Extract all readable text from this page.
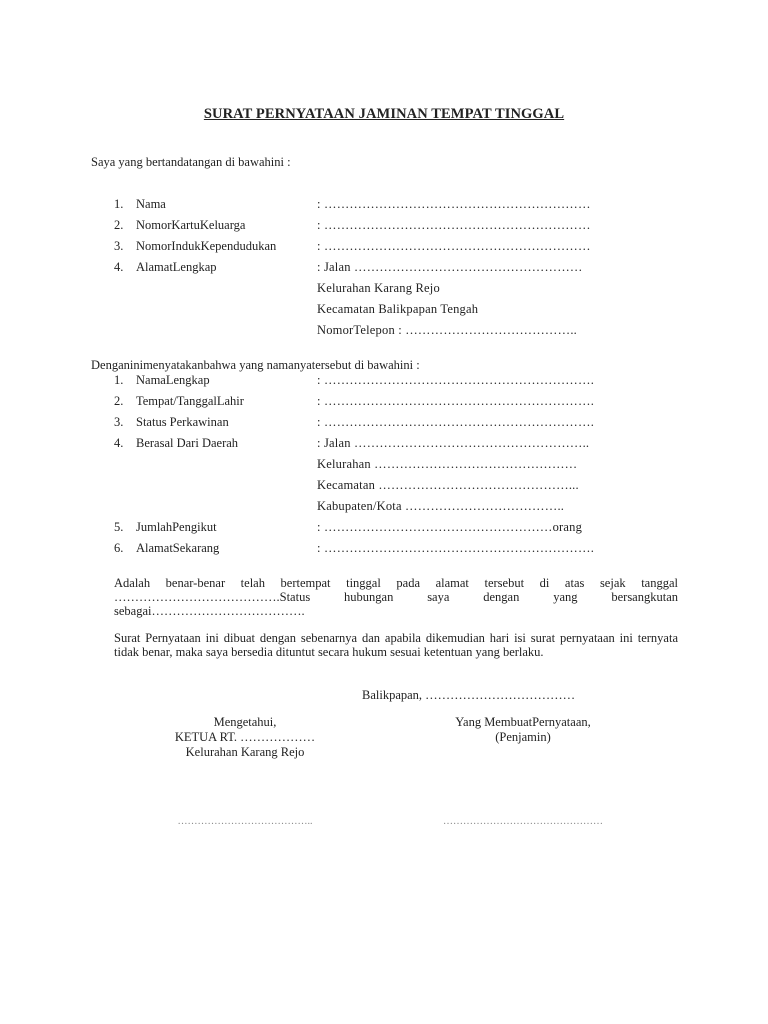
SURAT PERNYATAAN JAMINAN TEMPAT TINGGAL
Saya yang bertandatangan di bawahini :
1. Nama	: ………………………………………………………
2. NomorKartuKeluarga	: ………………………………………………………
3. NomorIndukKependudukan	: ………………………………………………………
4. AlamatLengkap	: Jalan ………………………………………………
Kelurahan Karang Rejo
Kecamatan Balikpapan Tengah
NomorTelepon : …………………………………..
Denganinimenyatakanbahwa yang namanyatersebut di bawahini :
1. NamaLengkap	: ……………………………………………………….
2. Tempat/TanggalLahir	: ……………………………………………………….
3. Status Perkawinan	: ……………………………………………………….
4. Berasal Dari Daerah	: Jalan ………………………………………………..
Kelurahan …………………………………………
Kecamatan ………………………………………...
Kabupaten/Kota ………………………………..
5. JumlahPengikut	: ………………………………………………orang
6. AlamatSekarang	: ……………………………………………………….
Adalah benar-benar telah bertempat tinggal pada alamat tersebut di atas sejak tanggal ………………………………….Status hubungan saya dengan yang bersangkutan sebagai……………………………….
Surat Pernyataan ini dibuat dengan sebenarnya dan apabila dikemudian hari isi surat pernyataan ini ternyata tidak benar, maka saya bersedia dituntut secara hukum sesuai ketentuan yang berlaku.
Balikpapan, ………………………………
Mengetahui,
KETUA RT. ………………
Kelurahan Karang Rejo
…………………………………..
Yang MembuatPernyataan,
(Penjamin)
…………………………………………
